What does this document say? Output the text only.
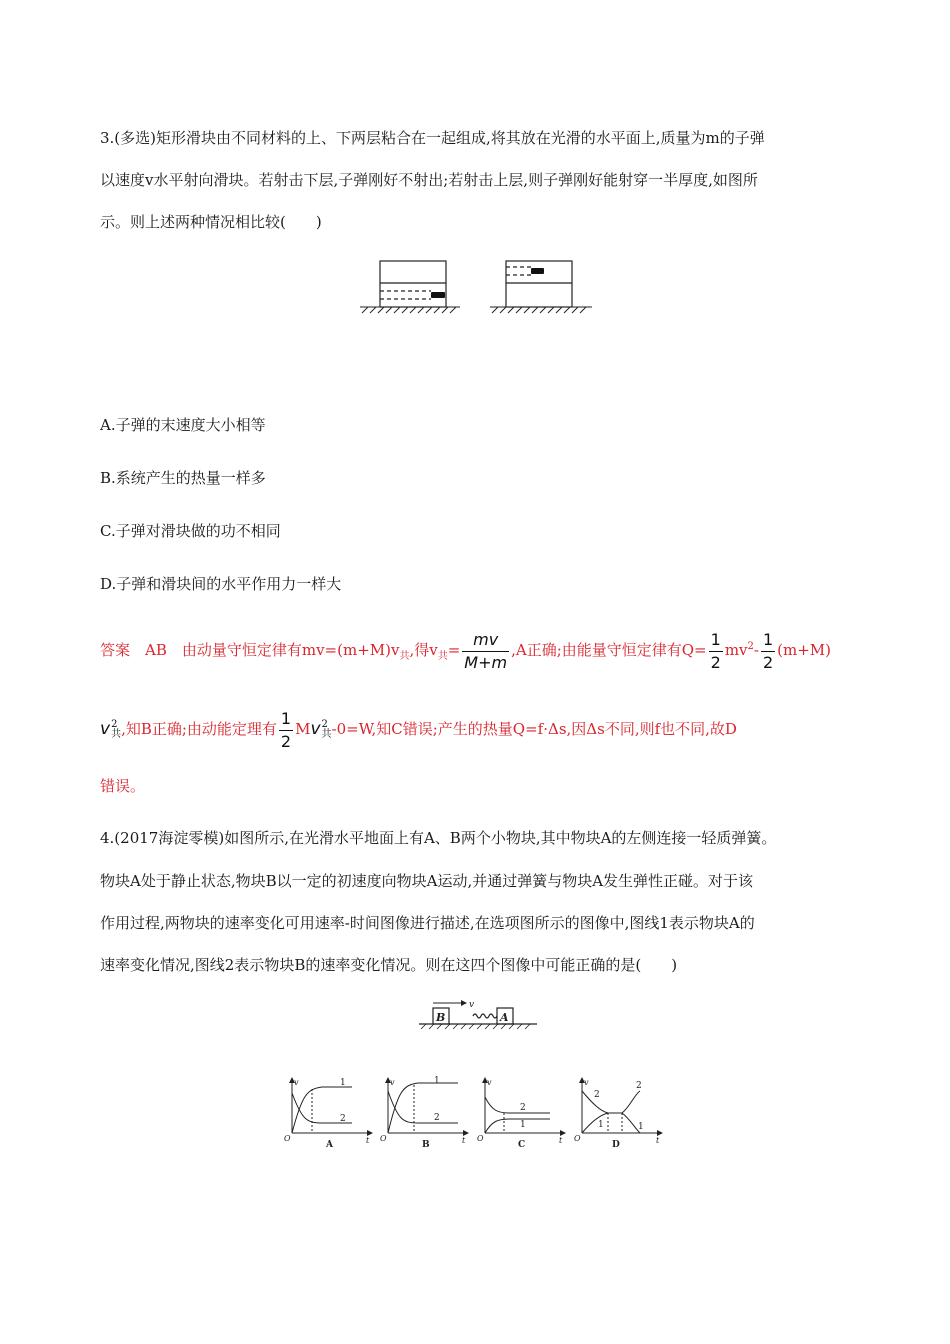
3.(多选)矩形滑块由不同材料的上、下两层粘合在一起组成,将其放在光滑的水平面上,质量为m的子弹
以速度v水平射向滑块。若射击下层,子弹刚好不射出;若射击上层,则子弹刚好能射穿一半厚度,如图所
示。则上述两种情况相比较(　　)
A.子弹的末速度大小相等
B.系统产生的热量一样多
C.子弹对滑块做的功不相同
D.子弹和滑块间的水平作用力一样大
答案　AB　由动量守恒定律有$mv=(m+M)v_共$,得$v_共= \frac{mv}{M+m} ,A$正确;由能量守恒定律有$Q= \frac{1}{2} mv^2- \frac{1}{2} (m+M)$
v 2
共 ,知B正确;由动能定理有 $\frac{1}{2}$ Mv 2
共 -0=W,知C错误;产生的热量Q=f·Δs,因Δs不同,则f也不同,故D
错误。
4.(2017海淀零模)如图所示,在光滑水平地面上有A、B两个小物块,其中物块A的左侧连接一轻质弹簧。
物块A处于静止状态,物块B以一定的初速度向物块A运动,并通过弹簧与物块A发生弹性正碰。对于该
作用过程,两物块的速率变化可用速率-时间图像进行描述,在选项图所示的图像中,图线1表示物块A的
速率变化情况,图线2表示物块B的速率变化情况。则在这四个图像中可能正确的是(　　)
v
B	A
v
t
O
1
2
A
v
t
O
1
2
B
v
t
O
2
1
C
v
t
O
2
1
2
1
D
